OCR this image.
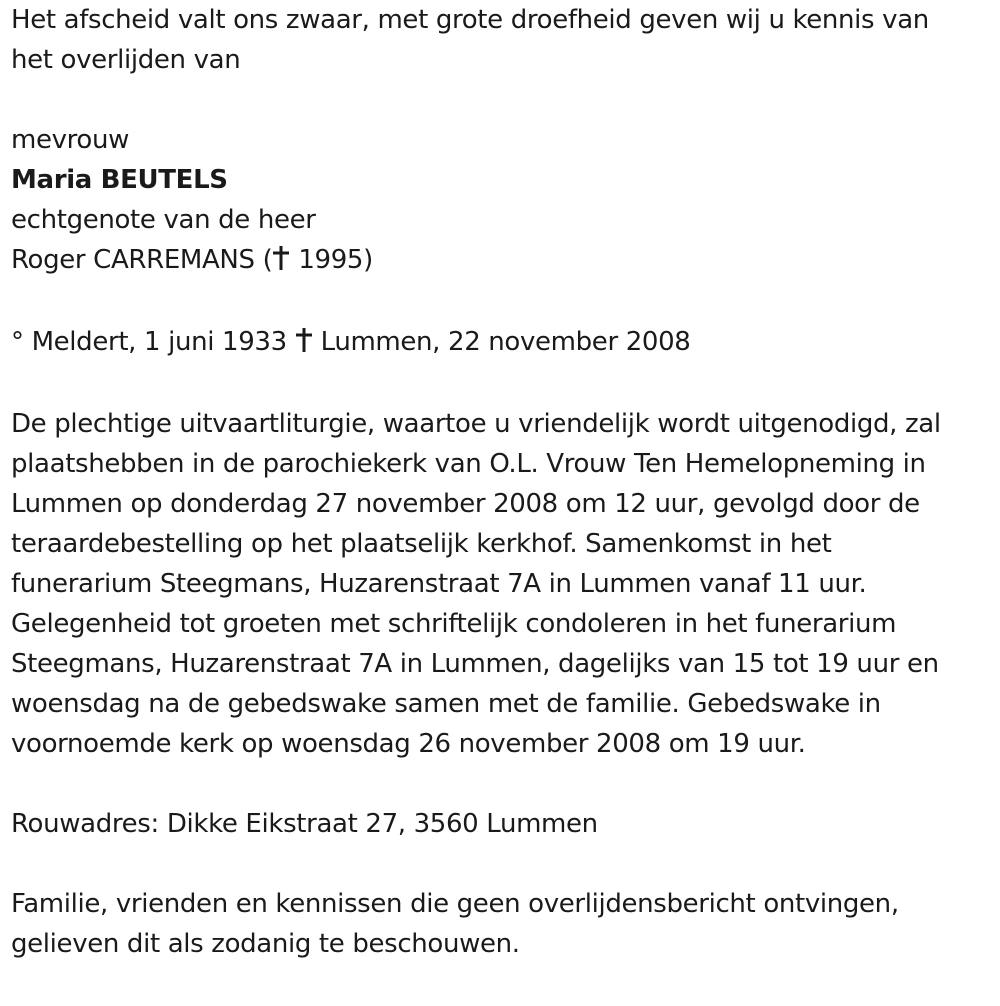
Het afscheid valt ons zwaar, met grote droefheid geven wij u kennis van

het overlijden van

mevrouw

Maria BEUTELS

echtgenote van de heer

Roger CARREMANS ( 1995)

° Meldert, 1 juni 1933 Lummen, 22 november 2008

De plechtige uitvaartliturgie, waartoe u vriendelijk wordt uitgenodigd, zal

plaatshebben in de parochiekerk van O.L. Vrouw Ten Hemelopneming in

Lummen op donderdag 27 november 2008 om 12 uur, gevolgd door de

teraardebestelling op het plaatselijk kerkhof. Samenkomst in het

funerarium Steegmans, Huzarenstraat 7A in Lummen vanaf 11 uur.

Gelegenheid tot groeten met schriftelijk condoleren in het funerarium

Steegmans, Huzarenstraat 7A in Lummen, dagelijks van 15 tot 19 uur en

woensdag na de gebedswake samen met de familie. Gebedswake in

voornoemde kerk op woensdag 26 november 2008 om 19 uur.

Rouwadres: Dikke Eikstraat 27, 3560 Lummen

Familie, vrienden en kennissen die geen overlijdensbericht ontvingen,

gelieven dit als zodanig te beschouwen.
